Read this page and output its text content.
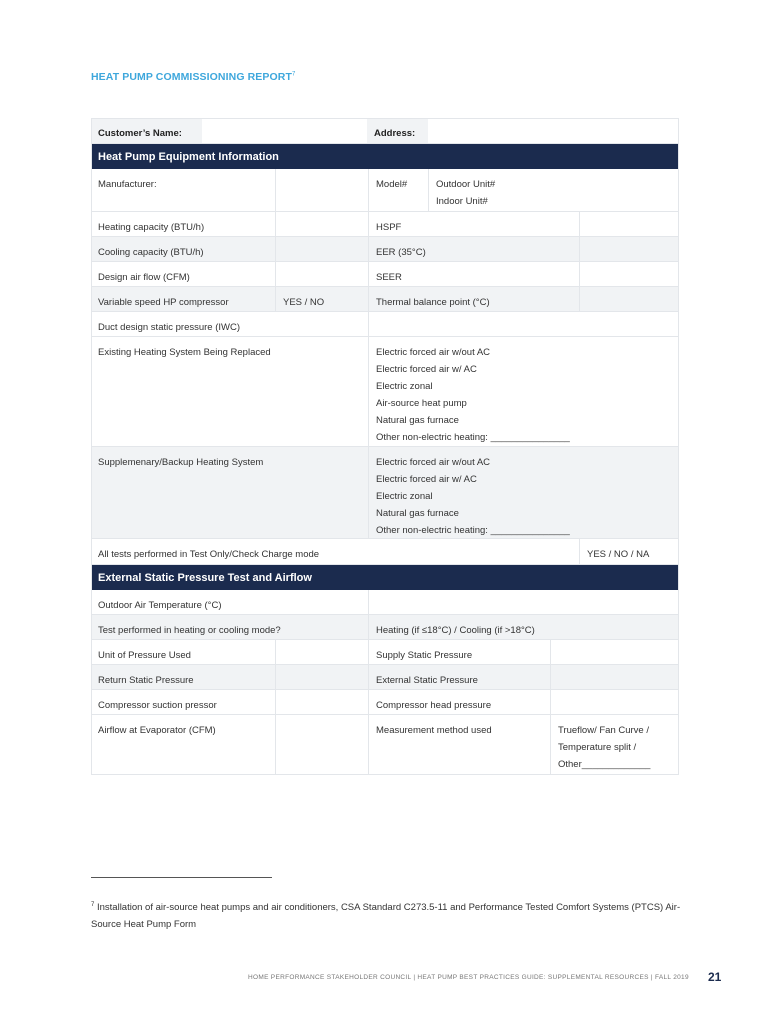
HEAT PUMP COMMISSIONING REPORT$^7$
Customer’s Name:	Address:
Heat Pump Equipment Information
Manufacturer:	Model#	Outdoor Unit#
Indoor Unit#
Heating capacity (BTU/h)	HSPF
Cooling capacity (BTU/h)	EER (35°C)
Design air flow (CFM)	SEER
Variable speed HP compressor	YES / NO	Thermal balance point (°C)
Duct design static pressure (IWC)
Existing Heating System Being Replaced	Electric forced air w/out AC
Electric forced air w/ AC
Electric zonal
Air-source heat pump
Natural gas furnace
Other non-electric heating: _______________
Supplemenary/Backup Heating System	Electric forced air w/out AC
Electric forced air w/ AC
Electric zonal
Natural gas furnace
Other non-electric heating: _______________
All tests performed in Test Only/Check Charge mode	YES / NO / NA
External Static Pressure Test and Airflow
Outdoor Air Temperature (°C)
Test performed in heating or cooling mode?	Heating (if ≤18°C) / Cooling (if >18°C)
Unit of Pressure Used	Supply Static Pressure
Return Static Pressure	External Static Pressure
Compressor suction pressor	Compressor head pressure
Airflow at Evaporator (CFM)	Measurement method used	Trueflow/ Fan Curve /
Temperature split /
Other_____________
$^7$ Installation of air-source heat pumps and air conditioners, CSA Standard C273.5-11 and Performance Tested Comfort Systems (PTCS) Air-Source Heat Pump Form
HOME PERFORMANCE STAKEHOLDER COUNCIL | HEAT PUMP BEST PRACTICES GUIDE: SUPPLEMENTAL RESOURCES | FALL 2019 21
